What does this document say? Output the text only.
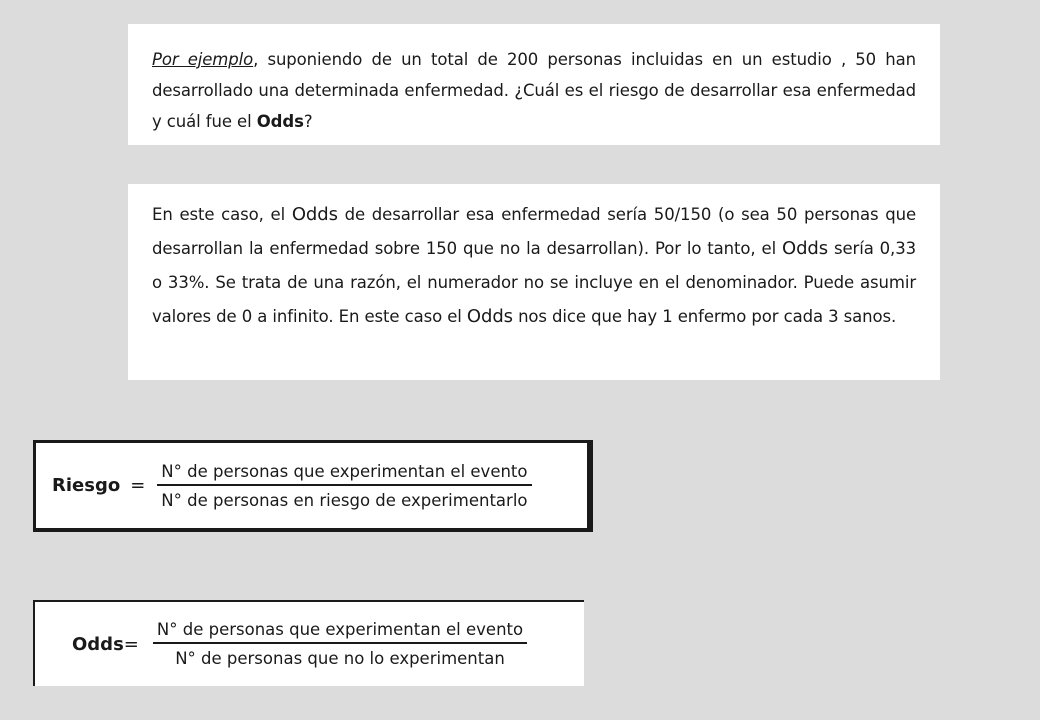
Por ejemplo, suponiendo de un total de 200 personas incluidas en un estudio , 50 han desarrollado una determinada enfermedad. ¿Cuál es el riesgo de desarrollar esa enfermedad y cuál fue el Odds?

En este caso, el Odds de desarrollar esa enfermedad sería 50/150 (o sea 50 personas que desarrollan la enfermedad sobre 150 que no la desarrollan). Por lo tanto, el Odds sería 0,33 o 33%. Se trata de una razón, el numerador no se incluye en el denominador. Puede asumir valores de 0 a infinito. En este caso el Odds nos dice que hay 1 enfermo por cada 3 sanos.

Riesgo = $\frac{\text{N° de personas que experimentan el evento}}{\text{N° de personas en riesgo de experimentarlo}}$
Odds = $\frac{\text{N° de personas que experimentan el evento}}{\text{N° de personas que no lo experimentan}}$
